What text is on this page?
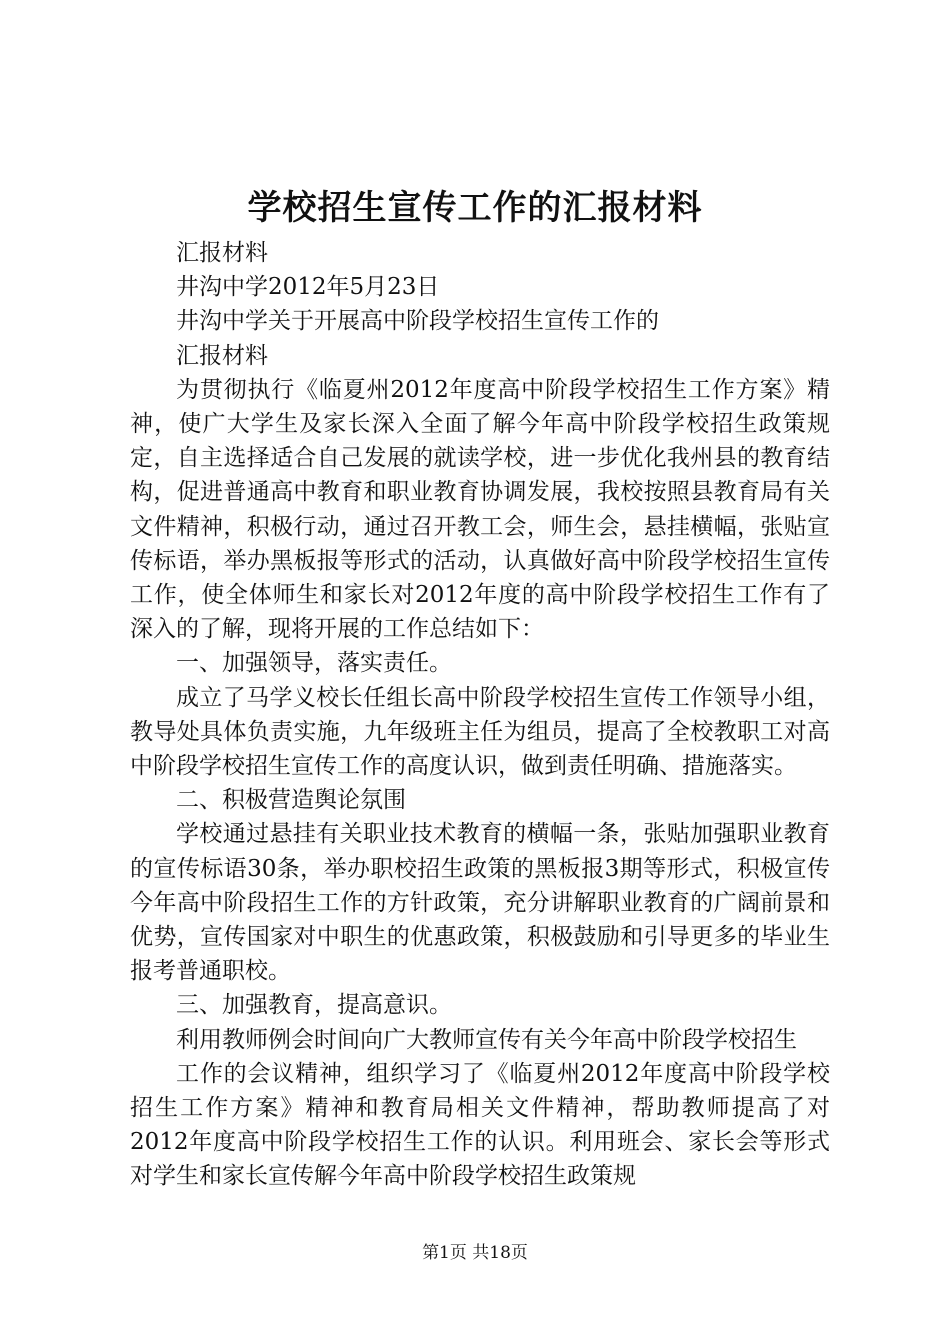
学校招生宣传工作的汇报材料

汇报材料

井沟中学2012年5月23日

井沟中学关于开展高中阶段学校招生宣传工作的

汇报材料

为贯彻执行《临夏州2012年度高中阶段学校招生工作方案》精神，使广大学生及家长深入全面了解今年高中阶段学校招生政策规定，自主选择适合自己发展的就读学校，进一步优化我州县的教育结构，促进普通高中教育和职业教育协调发展，我校按照县教育局有关文件精神，积极行动，通过召开教工会，师生会，悬挂横幅，张贴宣传标语，举办黑板报等形式的活动，认真做好高中阶段学校招生宣传工作，使全体师生和家长对2012年度的高中阶段学校招生工作有了深入的了解，现将开展的工作总结如下：

一、加强领导，落实责任。

成立了马学义校长任组长高中阶段学校招生宣传工作领导小组，教导处具体负责实施，九年级班主任为组员，提高了全校教职工对高中阶段学校招生宣传工作的高度认识，做到责任明确、措施落实。

二、积极营造舆论氛围

学校通过悬挂有关职业技术教育的横幅一条，张贴加强职业教育的宣传标语30条，举办职校招生政策的黑板报3期等形式，积极宣传今年高中阶段招生工作的方针政策，充分讲解职业教育的广阔前景和优势，宣传国家对中职生的优惠政策，积极鼓励和引导更多的毕业生报考普通职校。

三、加强教育，提高意识。

利用教师例会时间向广大教师宣传有关今年高中阶段学校招生

工作的会议精神，组织学习了《临夏州2012年度高中阶段学校招生工作方案》精神和教育局相关文件精神，帮助教师提高了对2012年度高中阶段学校招生工作的认识。利用班会、家长会等形式对学生和家长宣传解今年高中阶段学校招生政策规

第1页 共18页
